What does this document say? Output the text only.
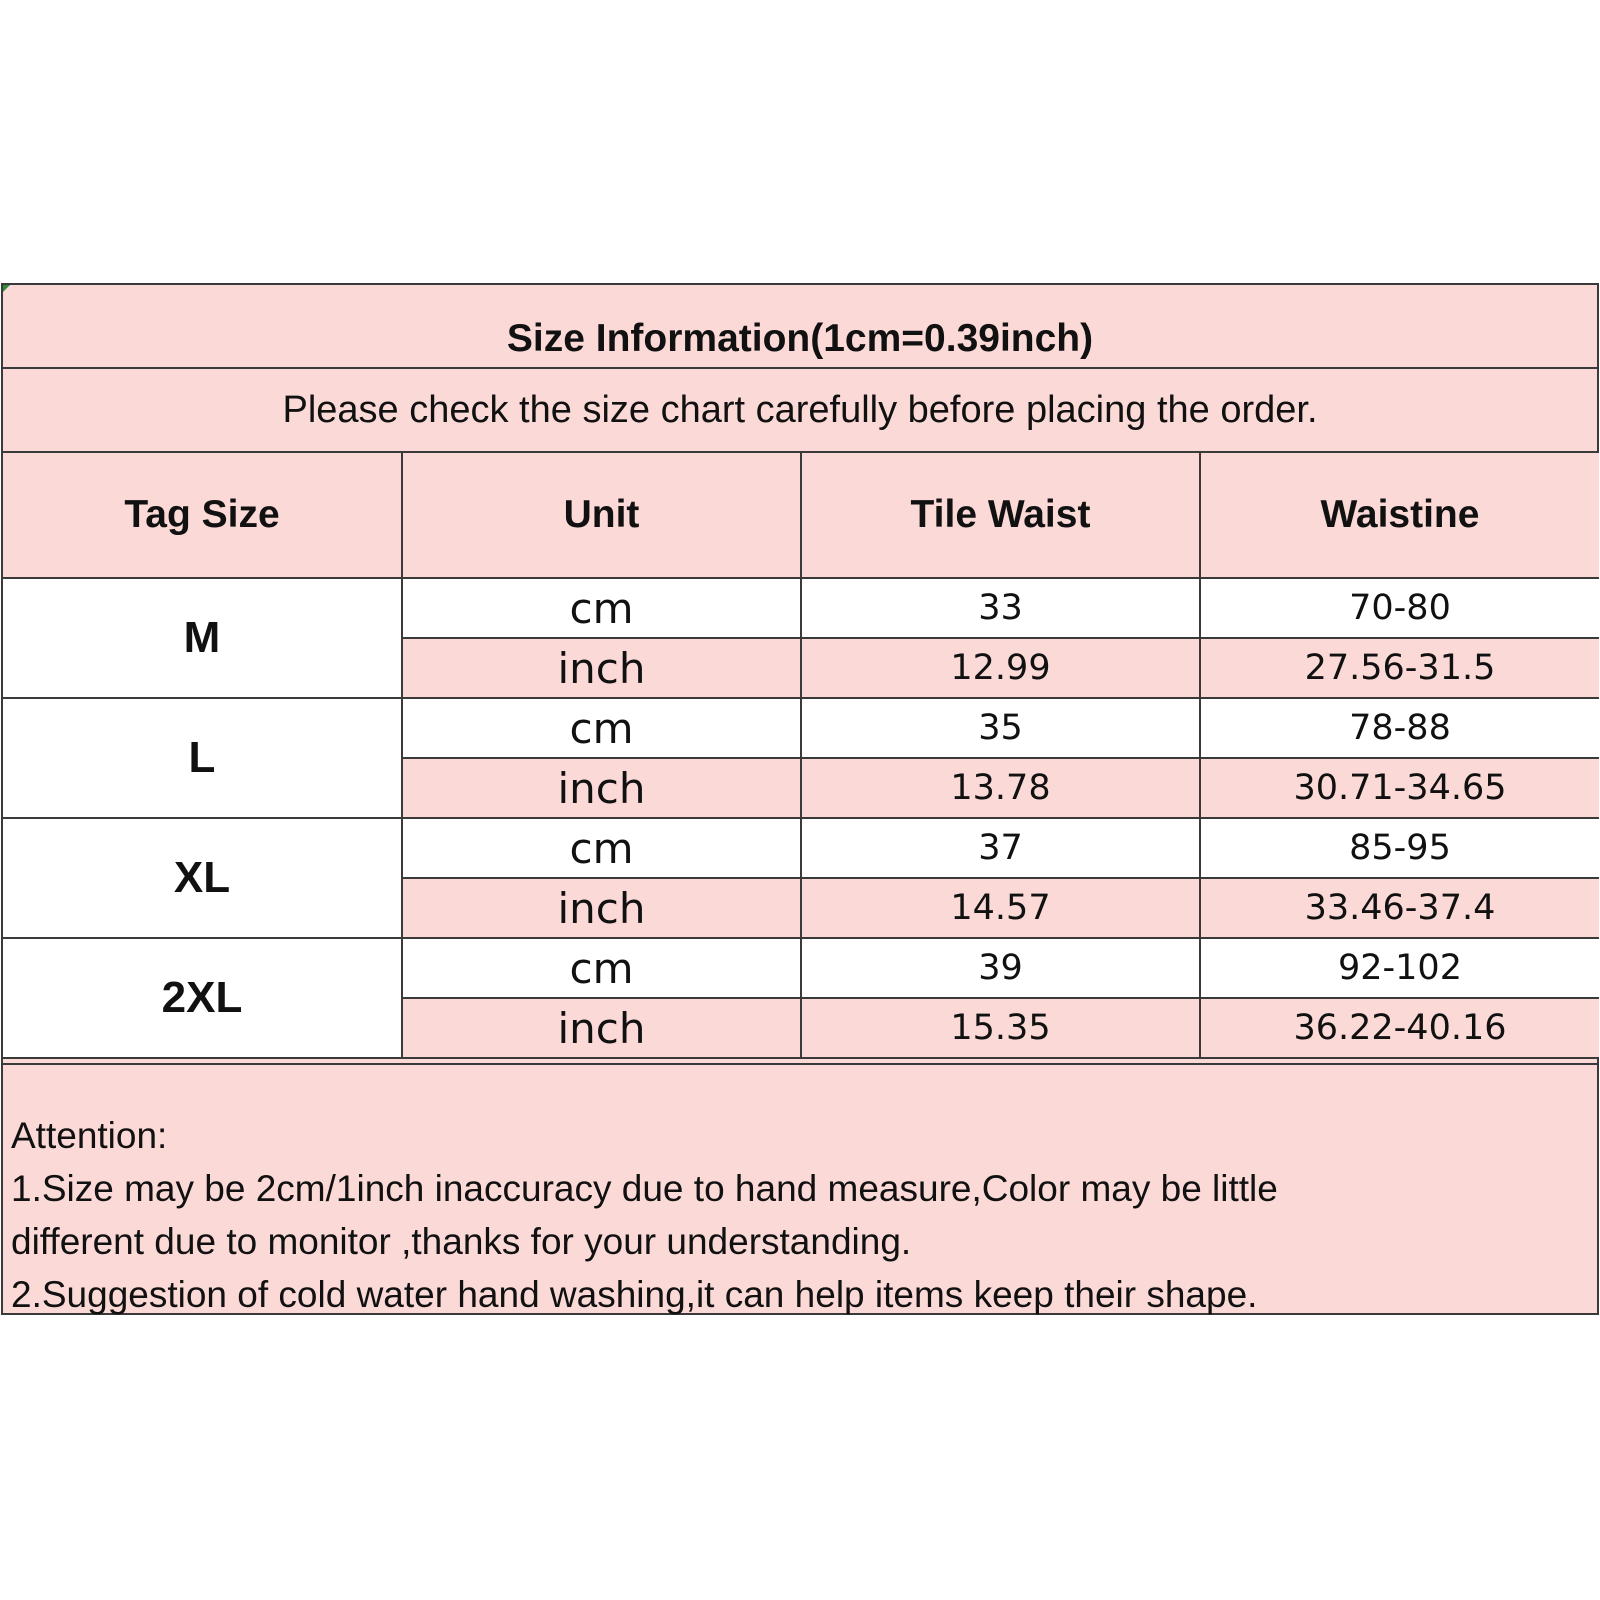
Size Information(1cm=0.39inch)
Please check the size chart carefully before placing the order.
Tag Size	Unit	Tile Waist	Waistine
M	cm	33	70-80
	inch	12.99	27.56-31.5
L	cm	35	78-88
	inch	13.78	30.71-34.65
XL	cm	37	85-95
	inch	14.57	33.46-37.4
2XL	cm	39	92-102
	inch	15.35	36.22-40.16
Attention:
1.Size may be 2cm/1inch inaccuracy due to hand measure,Color may be little
different due to monitor ,thanks for your understanding.
2.Suggestion of cold water hand washing,it can help items keep their shape.
